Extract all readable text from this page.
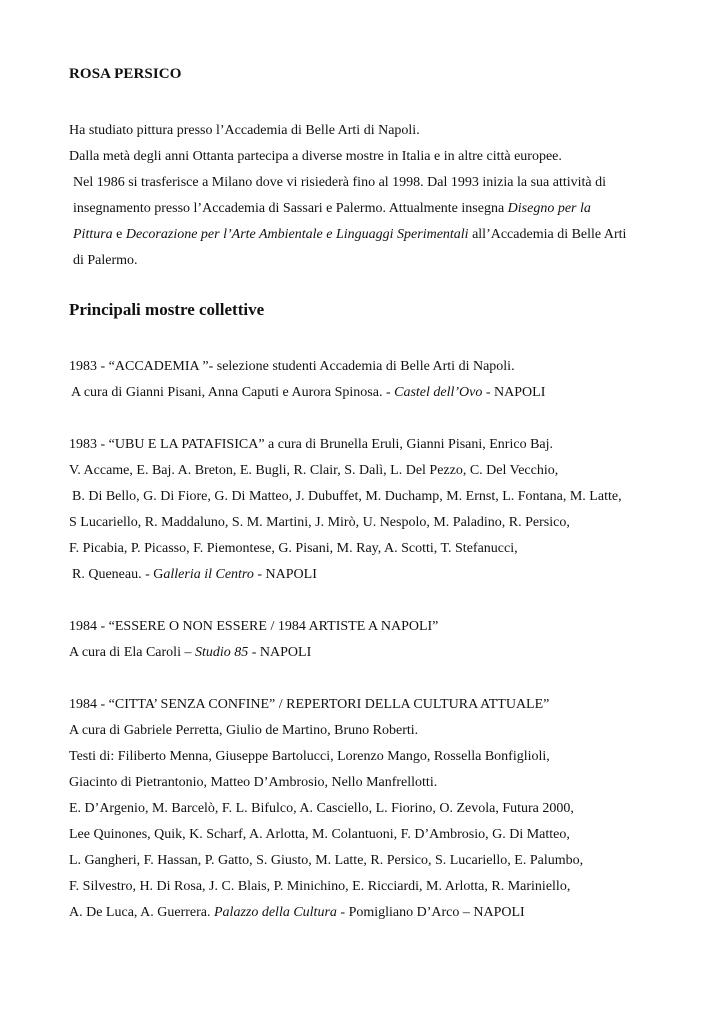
ROSA PERSICO
Ha studiato pittura presso l’Accademia di Belle Arti di Napoli.
Dalla metà degli anni Ottanta partecipa a diverse mostre in Italia e in altre città europee.
Nel 1986 si trasferisce a Milano dove vi risiederà fino al 1998. Dal 1993 inizia la sua attività di
insegnamento presso l’Accademia di Sassari e Palermo. Attualmente insegna Disegno per la
Pittura e Decorazione per l’Arte Ambientale e Linguaggi Sperimentali all’Accademia di Belle Arti
di Palermo.
Principali mostre collettive
1983 - “ACCADEMIA ”- selezione studenti Accademia di Belle Arti di Napoli.
A cura di Gianni Pisani, Anna Caputi e Aurora Spinosa. - Castel dell’Ovo - NAPOLI
1983 - “UBU E LA PATAFISICA” a cura di Brunella Eruli, Gianni Pisani, Enrico Baj.
V. Accame, E. Baj. A. Breton, E. Bugli, R. Clair, S. Dalì, L. Del Pezzo, C. Del Vecchio,
B. Di Bello, G. Di Fiore, G. Di Matteo, J. Dubuffet, M. Duchamp, M. Ernst, L. Fontana, M. Latte,
S Lucariello, R. Maddaluno, S. M. Martini, J. Mirò, U. Nespolo, M. Paladino, R. Persico,
F. Picabia, P. Picasso, F. Piemontese, G. Pisani, M. Ray, A. Scotti, T. Stefanucci,
R. Queneau. - Galleria il Centro - NAPOLI
1984 - “ESSERE O NON ESSERE / 1984 ARTISTE A NAPOLI”
A cura di Ela Caroli – Studio 85 - NAPOLI
1984 - “CITTA’ SENZA CONFINE” / REPERTORI DELLA CULTURA ATTUALE”
A cura di Gabriele Perretta, Giulio de Martino, Bruno Roberti.
Testi di: Filiberto Menna, Giuseppe Bartolucci, Lorenzo Mango, Rossella Bonfiglioli,
Giacinto di Pietrantonio, Matteo D’Ambrosio, Nello Manfrellotti.
E. D’Argenio, M. Barcelò, F. L. Bifulco, A. Casciello, L. Fiorino, O. Zevola, Futura 2000,
Lee Quinones, Quik, K. Scharf, A. Arlotta, M. Colantuoni, F. D’Ambrosio, G. Di Matteo,
L. Gangheri, F. Hassan, P. Gatto, S. Giusto, M. Latte, R. Persico, S. Lucariello, E. Palumbo,
F. Silvestro, H. Di Rosa, J. C. Blais, P. Minichino, E. Ricciardi, M. Arlotta, R. Mariniello,
A. De Luca, A. Guerrera. Palazzo della Cultura - Pomigliano D’Arco – NAPOLI
